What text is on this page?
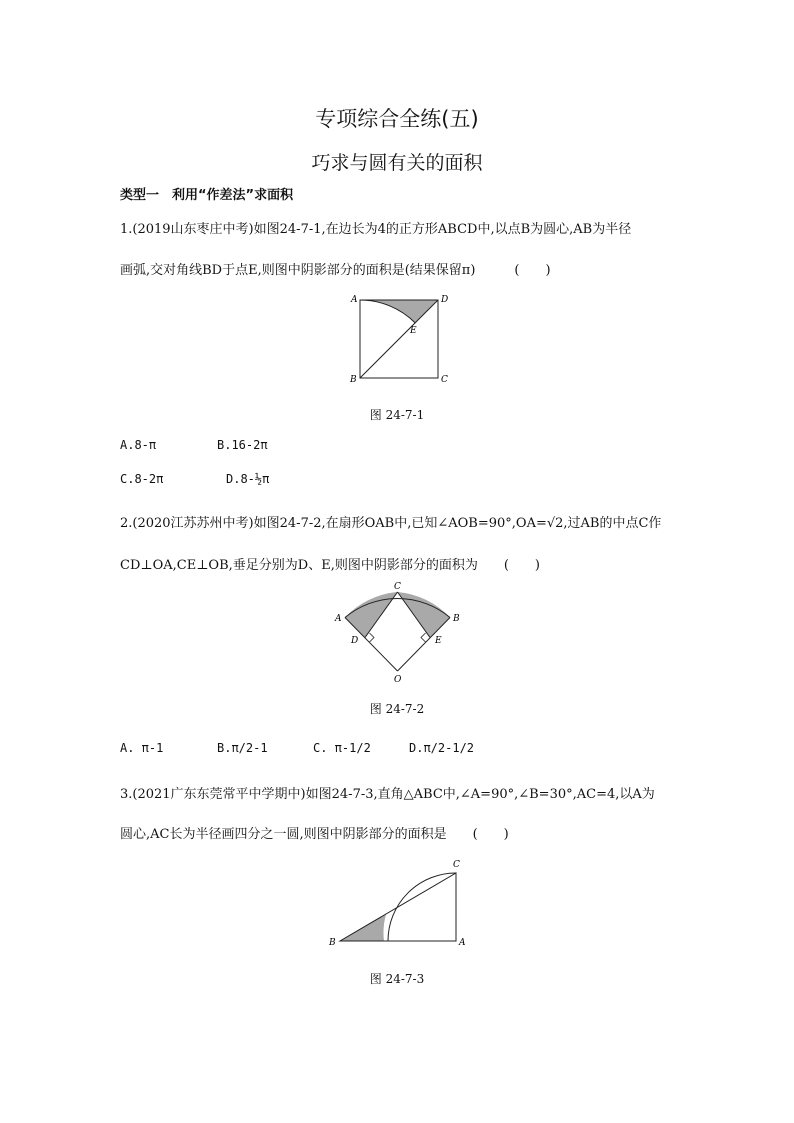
专项综合全练(五)
巧求与圆有关的面积
类型一　利用“作差法”求面积
1.(2019山东枣庄中考)如图24-7-1,在边长为4的正方形ABCD中,以点B为圆心,AB为半径
画弧,交对角线BD于点E,则图中阴影部分的面积是(结果保留π)　　　(　　)
A	D
E
B	C
图 24-7-1
A.8-π	B.16-2π
C.8-2π	D.8-½π
2.(2020江苏苏州中考)如图24-7-2,在扇形OAB中,已知∠AOB=90°,OA=√2,过AB的中点C作
CD⊥OA,CE⊥OB,垂足分别为D、E,则图中阴影部分的面积为　　(　　)
A	B
C
D	E
O
图 24-7-2
A. π-1	B.π/2-1	C. π-1/2	D.π/2-1/2
3.(2021广东东莞常平中学期中)如图24-7-3,直角△ABC中,∠A=90°,∠B=30°,AC=4,以A为
圆心,AC长为半径画四分之一圆,则图中阴影部分的面积是　　(　　)
C
B	A
图 24-7-3
